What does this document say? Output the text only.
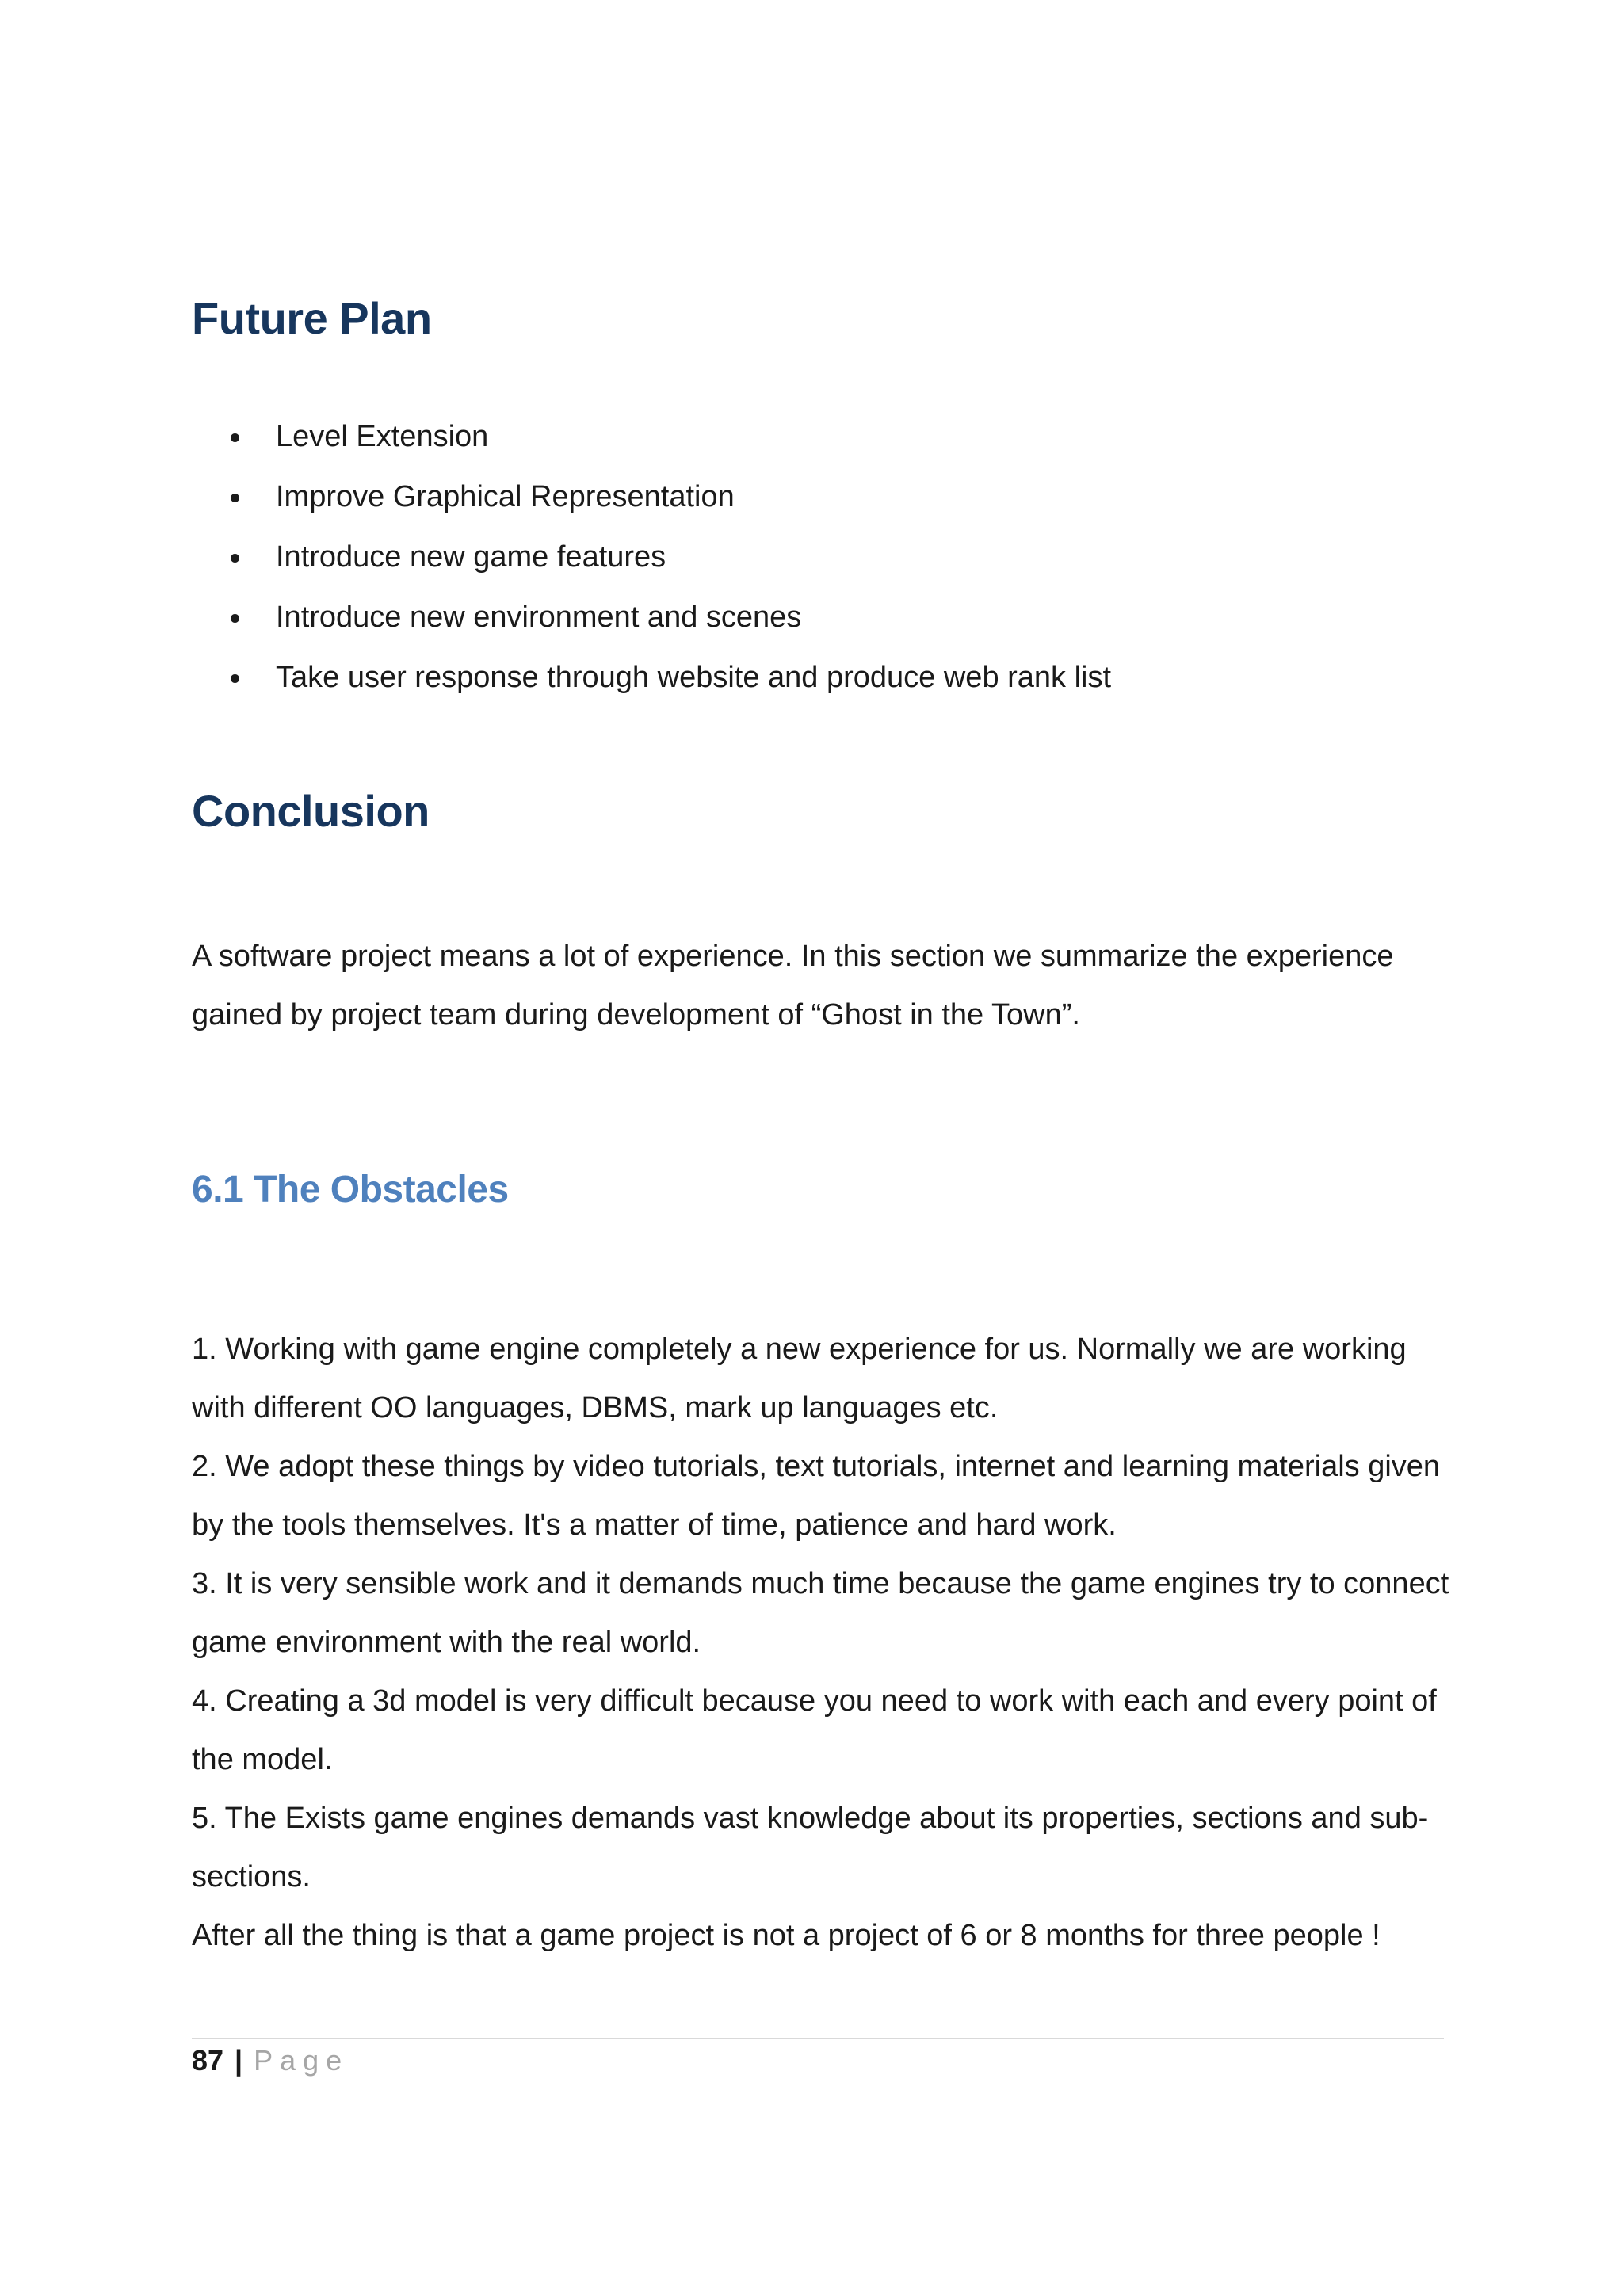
Future Plan
Level Extension
Improve Graphical Representation
Introduce new game features
Introduce new environment and scenes
Take user response through website and produce web rank list
Conclusion

A software project means a lot of experience. In this section we summarize the experience
gained by project team during development of “Ghost in the Town”.

6.1 The Obstacles

1. Working with game engine completely a new experience for us. Normally we are working
with different OO languages, DBMS, mark up languages etc.
2. We adopt these things by video tutorials, text tutorials, internet and learning materials given
by the tools themselves. It's a matter of time, patience and hard work.
3. It is very sensible work and it demands much time because the game engines try to connect
game environment with the real world.
4. Creating a 3d model is very difficult because you need to work with each and every point of
the model.
5. The Exists game engines demands vast knowledge about its properties, sections and sub-
sections.
After all the thing is that a game project is not a project of 6 or 8 months for three people !

87 | Page
